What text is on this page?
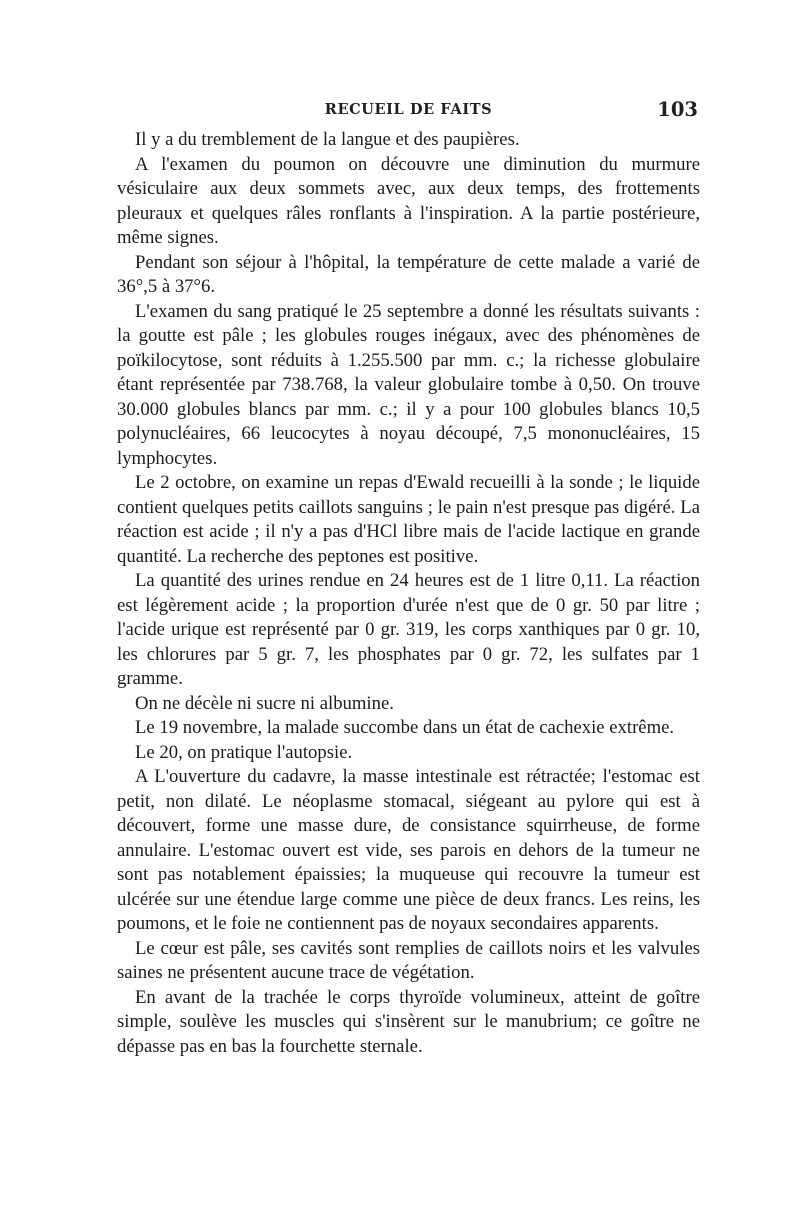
RECUEIL DE FAITS	103

Il y a du tremblement de la langue et des paupières.

A l'examen du poumon on découvre une diminution du murmure vésiculaire aux deux sommets avec, aux deux temps, des frottements pleuraux et quelques râles ronflants à l'inspiration. A la partie postérieure, même signes.

Pendant son séjour à l'hôpital, la température de cette malade a varié de 36°,5 à 37°6.

L'examen du sang pratiqué le 25 septembre a donné les résultats suivants : la goutte est pâle ; les globules rouges inégaux, avec des phénomènes de poïkilocytose, sont réduits à 1.255.500 par mm. c.; la richesse globulaire étant représentée par 738.768, la valeur globulaire tombe à 0,50. On trouve 30.000 globules blancs par mm. c.; il y a pour 100 globules blancs 10,5 polynucléaires, 66 leucocytes à noyau découpé, 7,5 mononucléaires, 15 lymphocytes.

Le 2 octobre, on examine un repas d'Ewald recueilli à la sonde ; le liquide contient quelques petits caillots sanguins ; le pain n'est presque pas digéré. La réaction est acide ; il n'y a pas d'HCl libre mais de l'acide lactique en grande quantité. La recherche des peptones est positive.

La quantité des urines rendue en 24 heures est de 1 litre 0,11. La réaction est légèrement acide ; la proportion d'urée n'est que de 0 gr. 50 par litre ; l'acide urique est représenté par 0 gr. 319, les corps xanthiques par 0 gr. 10, les chlorures par 5 gr. 7, les phosphates par 0 gr. 72, les sulfates par 1 gramme.

On ne décèle ni sucre ni albumine.

Le 19 novembre, la malade succombe dans un état de cachexie extrême.

Le 20, on pratique l'autopsie.

A L'ouverture du cadavre, la masse intestinale est rétractée; l'estomac est petit, non dilaté. Le néoplasme stomacal, siégeant au pylore qui est à découvert, forme une masse dure, de consistance squirrheuse, de forme annulaire. L'estomac ouvert est vide, ses parois en dehors de la tumeur ne sont pas notablement épaissies; la muqueuse qui recouvre la tumeur est ulcérée sur une étendue large comme une pièce de deux francs. Les reins, les poumons, et le foie ne contiennent pas de noyaux secondaires apparents.

Le cœur est pâle, ses cavités sont remplies de caillots noirs et les valvules saines ne présentent aucune trace de végétation.

En avant de la trachée le corps thyroïde volumineux, atteint de goître simple, soulève les muscles qui s'insèrent sur le manubrium; ce goître ne dépasse pas en bas la fourchette sternale.
